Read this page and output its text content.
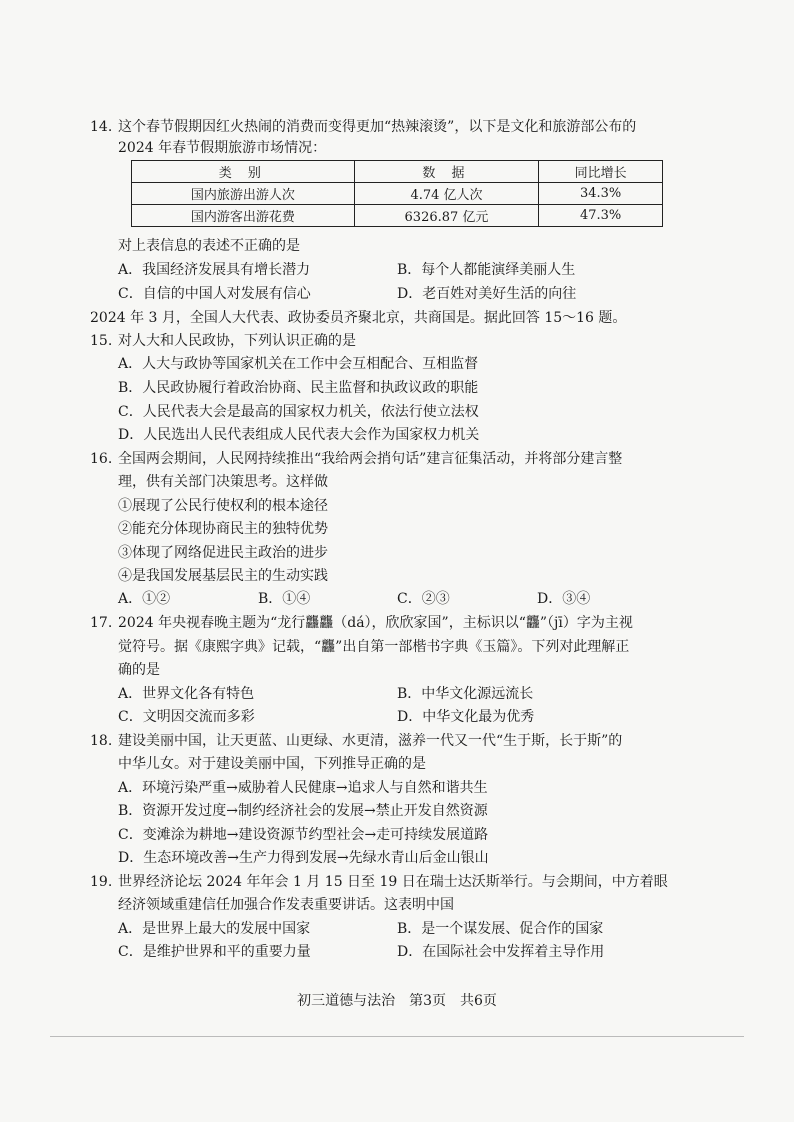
14. 这个春节假期因红火热闹的消费而变得更加“热辣滚烫”，以下是文化和旅游部公布的
2024 年春节假期旅游市场情况：
类 别	数 据	同比增长
国内旅游出游人次	4.74 亿人次	34.3%
国内游客出游花费	6326.87 亿元	47.3%
对上表信息的表述不正确的是
A．我国经济发展具有增长潜力	B．每个人都能演绎美丽人生
C．自信的中国人对发展有信心	D．老百姓对美好生活的向往
2024 年 3 月，全国人大代表、政协委员齐聚北京，共商国是。据此回答 15～16 题。
15. 对人大和人民政协，下列认识正确的是
A．人大与政协等国家机关在工作中会互相配合、互相监督
B．人民政协履行着政治协商、民主监督和执政议政的职能
C．人民代表大会是最高的国家权力机关，依法行使立法权
D．人民选出人民代表组成人民代表大会作为国家权力机关
16. 全国两会期间，人民网持续推出“我给两会捎句话”建言征集活动，并将部分建言整
理，供有关部门决策思考。这样做
①展现了公民行使权利的根本途径
②能充分体现协商民主的独特优势
③体现了网络促进民主政治的进步
④是我国发展基层民主的生动实践
A．①②	B．①④	C．②③	D．③④
17. 2024 年央视春晚主题为“龙行龘龘（dá），欣欣家国”，主标识以“龘”（jī）字为主视
觉符号。据《康熙字典》记载，“龘”出自第一部楷书字典《玉篇》。下列对此理解正
确的是
A．世界文化各有特色	B．中华文化源远流长
C．文明因交流而多彩	D．中华文化最为优秀
18. 建设美丽中国，让天更蓝、山更绿、水更清，滋养一代又一代“生于斯，长于斯”的
中华儿女。对于建设美丽中国，下列推导正确的是
A．环境污染严重→威胁着人民健康→追求人与自然和谐共生
B．资源开发过度→制约经济社会的发展→禁止开发自然资源
C．变滩涂为耕地→建设资源节约型社会→走可持续发展道路
D．生态环境改善→生产力得到发展→先绿水青山后金山银山
19. 世界经济论坛 2024 年年会 1 月 15 日至 19 日在瑞士达沃斯举行。与会期间，中方着眼
经济领域重建信任加强合作发表重要讲话。这表明中国
A．是世界上最大的发展中国家	B．是一个谋发展、促合作的国家
C．是维护世界和平的重要力量	D．在国际社会中发挥着主导作用
初三道德与法治　第3页　共6页
